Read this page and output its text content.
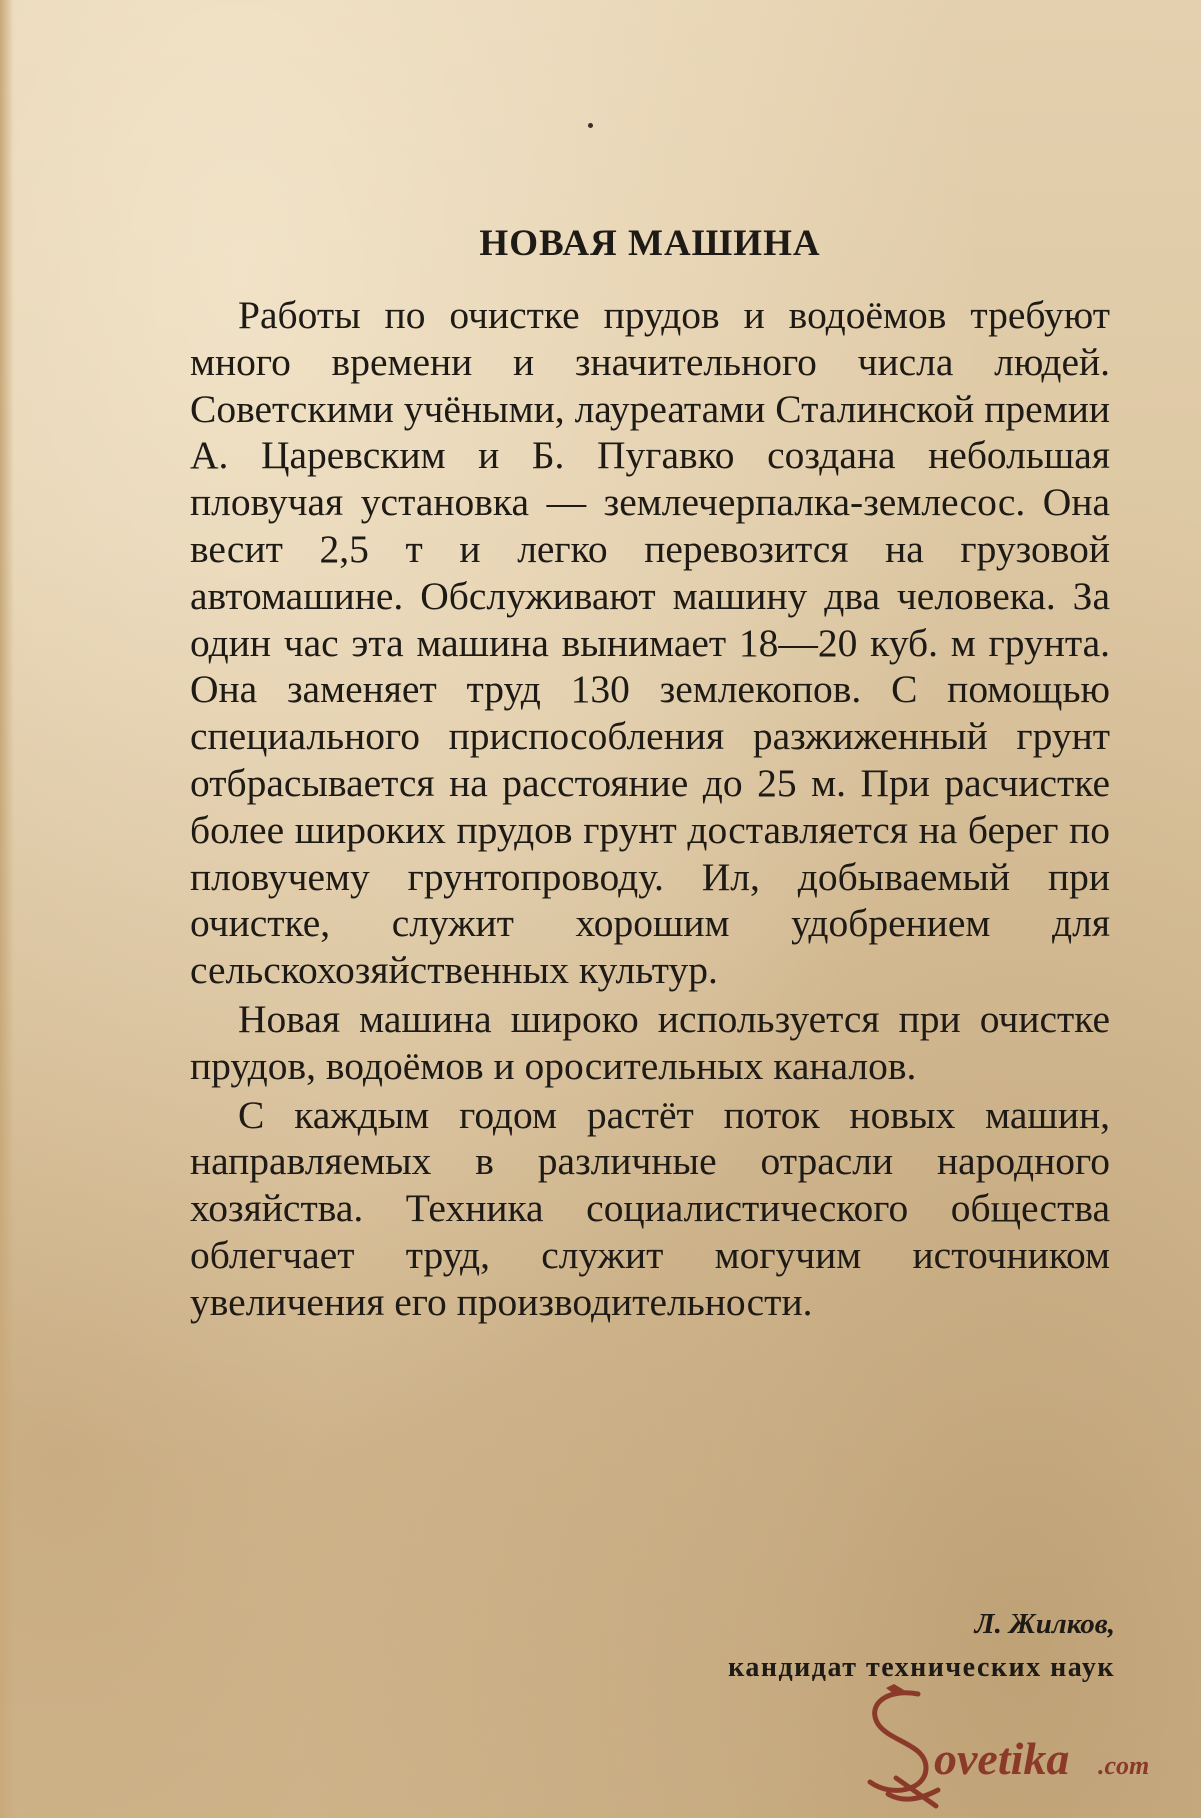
НОВАЯ МАШИНА

Работы по очистке прудов и водоёмов требуют много времени и значительного числа людей. Советскими учёными, лауреатами Сталинской премии А. Царевским и Б. Пугавко создана небольшая пловучая установка — землечерпалка-землесос. Она весит 2,5 т и легко перевозится на грузовой автомашине. Обслуживают машину два человека. За один час эта машина вынимает 18—20 куб. м грунта. Она заменяет труд 130 землекопов. С помощью специального приспособления разжиженный грунт отбрасывается на расстояние до 25 м. При расчистке более широких прудов грунт доставляется на берег по пловучему грунтопроводу. Ил, добываемый при очистке, служит хорошим удобрением для сельскохозяйственных культур.

Новая машина широко используется при очистке прудов, водоёмов и оросительных каналов.

С каждым годом растёт поток новых машин, направляемых в различные отрасли народного хозяйства. Техника социалистического общества облегчает труд, служит могучим источником увеличения его производительности.

Л. Жилков,

кандидат технических наук

ovetika .com
